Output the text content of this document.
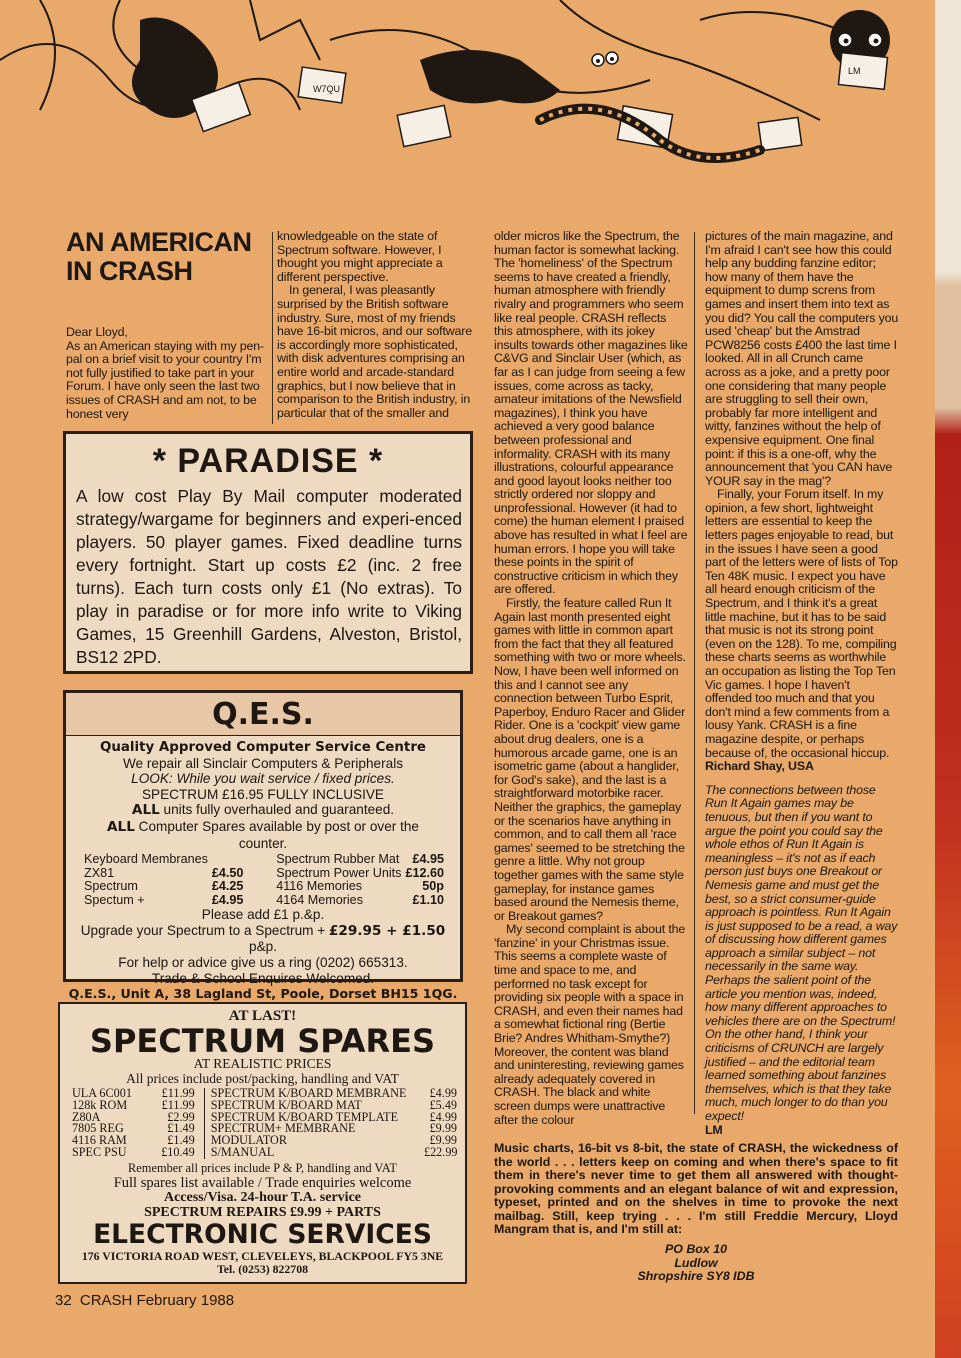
W7QU
LM
AN AMERICAN IN CRASH

Dear Lloyd,

As an American staying with my pen-pal on a brief visit to your country I'm not fully justified to take part in your Forum. I have only seen the last two issues of CRASH and am not, to be honest very

knowledgeable on the state of Spectrum software. However, I thought you might appreciate a different perspective.

In general, I was pleasantly surprised by the British software industry. Sure, most of my friends have 16-bit micros, and our software is accordingly more sophisticated, with disk adventures comprising an entire world and arcade-standard graphics, but I now believe that in comparison to the British industry, in particular that of the smaller and

older micros like the Spectrum, the human factor is somewhat lacking. The 'homeliness' of the Spectrum seems to have created a friendly, human atmosphere with friendly rivalry and programmers who seem like real people. CRASH reflects this atmosphere, with its jokey insults towards other magazines like C&VG and Sinclair User (which, as far as I can judge from seeing a few issues, come across as tacky, amateur imitations of the Newsfield magazines), I think you have achieved a very good balance between professional and informality. CRASH with its many illustrations, colourful appearance and good layout looks neither too strictly ordered nor sloppy and unprofessional. However (it had to come) the human element I praised above has resulted in what I feel are human errors. I hope you will take these points in the spirit of constructive criticism in which they are offered.

Firstly, the feature called Run It Again last month presented eight games with little in common apart from the fact that they all featured something with two or more wheels. Now, I have been well informed on this and I cannot see any connection between Turbo Esprit, Paperboy, Enduro Racer and Glider Rider. One is a 'cockpit' view game about drug dealers, one is a humorous arcade game, one is an isometric game (about a hanglider, for God's sake), and the last is a straightforward motorbike racer. Neither the graphics, the gameplay or the scenarios have anything in common, and to call them all 'race games' seemed to be stretching the genre a little. Why not group together games with the same style gameplay, for instance games based around the Nemesis theme, or Breakout games?

My second complaint is about the 'fanzine' in your Christmas issue. This seems a complete waste of time and space to me, and performed no task except for providing six people with a space in CRASH, and even their names had a somewhat fictional ring (Bertie Brie? Andres Whitham-Smythe?) Moreover, the content was bland and uninteresting, reviewing games already adequately covered in CRASH. The black and white screen dumps were unattractive after the colour

pictures of the main magazine, and I'm afraid I can't see how this could help any budding fanzine editor; how many of them have the equipment to dump screns from games and insert them into text as you did? You call the computers you used 'cheap' but the Amstrad PCW8256 costs £400 the last time I looked. All in all Crunch came across as a joke, and a pretty poor one considering that many people are struggling to sell their own, probably far more intelligent and witty, fanzines without the help of expensive equipment. One final point: if this is a one-off, why the announcement that 'you CAN have YOUR say in the mag'?

Finally, your Forum itself. In my opinion, a few short, lightweight letters are essential to keep the letters pages enjoyable to read, but in the issues I have seen a good part of the letters were of lists of Top Ten 48K music. I expect you have all heard enough criticism of the Spectrum, and I think it's a great little machine, but it has to be said that music is not its strong point (even on the 128). To me, compiling these charts seems as worthwhile an occupation as listing the Top Ten Vic games. I hope I haven't offended too much and that you don't mind a few comments from a lousy Yank. CRASH is a fine magazine despite, or perhaps because of, the occasional hiccup.

Richard Shay, USA

The connections between those Run It Again games may be tenuous, but then if you want to argue the point you could say the whole ethos of Run It Again is meaningless – it's not as if each person just buys one Breakout or Nemesis game and must get the best, so a strict consumer-guide approach is pointless. Run It Again is just supposed to be a read, a way of discussing how different games approach a similar subject – not necessarily in the same way. Perhaps the salient point of the article you mention was, indeed, how many different approaches to vehicles there are on the Spectrum! On the other hand, I think your criticisms of CRUNCH are largely justified – and the editorial team learned something about fanzines themselves, which is that they take much, much longer to do than you expect!

LM

Music charts, 16-bit vs 8-bit, the state of CRASH, the wickedness of the world . . . letters keep on coming and when there's space to fit them in there's never time to get them all answered with thought-provoking comments and an elegant balance of wit and expression, typeset, printed and on the shelves in time to provoke the next mailbag. Still, keep trying . . . I'm still Freddie Mercury, Lloyd Mangram that is, and I'm still at:
PO Box 10
Ludlow
Shropshire SY8 IDB
* PARADISE *
A low cost Play By Mail computer moderated strategy/wargame for beginners and experi-enced players. 50 player games. Fixed deadline turns every fortnight. Start up costs £2 (inc. 2 free turns). Each turn costs only £1 (No extras). To play in paradise or for more info write to Viking Games, 15 Greenhill Gardens, Alveston, Bristol, BS12 2PD.
Q.E.S.
Quality Approved Computer Service Centre
We repair all Sinclair Computers & Peripherals
LOOK: While you wait service / fixed prices.
SPECTRUM £16.95 FULLY INCLUSIVE
ALL units fully overhauled and guaranteed.
ALL Computer Spares available by post or over the counter.
Keyboard Membranes	
ZX81	£4.50
Spectrum	£4.25
Spectum +	£4.95
Spectrum Rubber Mat	£4.95
Spectrum Power Units	£12.60
4116 Memories	50p
4164 Memories	£1.10
Please add £1 p.&p.
Upgrade your Spectrum to a Spectrum + £29.95 + £1.50 p&p.
For help or advice give us a ring (0202) 665313.
Trade & School Enquires Welcomed.
Q.E.S., Unit A, 38 Lagland St, Poole, Dorset BH15 1QG.
AT LAST!
SPECTRUM SPARES
AT REALISTIC PRICES
All prices include post/packing, handling and VAT
ULA 6C001	£11.99
128k ROM	£11.99
Z80A	£2.99
7805 REG	£1.49
4116 RAM	£1.49
SPEC PSU	£10.49
SPECTRUM K/BOARD MEMBRANE	£4.99
SPECTRUM K/BOARD MAT	£5.49
SPECTRUM K/BOARD TEMPLATE	£4.99
SPECTRUM+ MEMBRANE	£9.99
MODULATOR	£9.99
S/MANUAL	£22.99
Remember all prices include P & P, handling and VAT
Full spares list available / Trade enquiries welcome
Access/Visa. 24-hour T.A. service
SPECTRUM REPAIRS £9.99 + PARTS
ELECTRONIC SERVICES
176 VICTORIA ROAD WEST, CLEVELEYS, BLACKPOOL FY5 3NE
Tel. (0253) 822708
32 CRASH February 1988
